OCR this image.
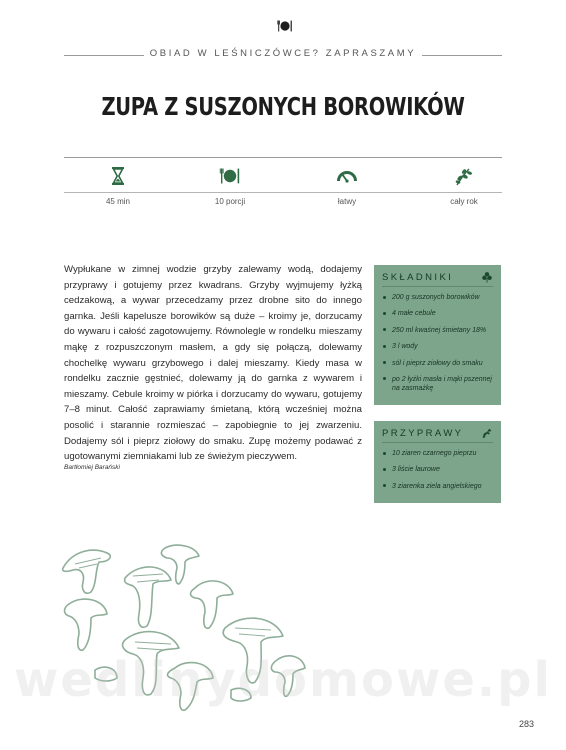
OBIAD W LEŚNICZÓWCE? ZAPRASZAMY
ZUPA Z SUSZONYCH BOROWIKÓW
45 min	10 porcji	łatwy	cały rok
Wypłukane w zimnej wodzie grzyby zalewamy wodą, dodajemy przyprawy i gotujemy przez kwadrans. Grzyby wyjmujemy łyżką cedzakową, a wywar przecedzamy przez drobne sito do innego garnka. Jeśli kapelusze borowików są duże – kroimy je, dorzucamy do wywaru i całość zagotowujemy. Równolegle w rondelku mieszamy mąkę z rozpuszczonym masłem, a gdy się połączą, dolewamy chochelkę wywaru grzybowego i dalej mieszamy. Kiedy masa w rondelku zacznie gęstnieć, dolewamy ją do garnka z wywarem i mieszamy. Cebule kroimy w piórka i dorzucamy do wywaru, gotujemy 7–8 minut. Całość zaprawiamy śmietaną, którą wcześniej można posolić i starannie rozmieszać – zapobiegnie to jej zwarzeniu. Dodajemy sól i pieprz ziołowy do smaku. Zupę możemy podawać z ugotowanymi ziemniakami lub ze świeżym pieczywem.
Bartłomiej Barański
SKŁADNIKI
200 g suszonych borowików
4 małe cebule
250 ml kwaśnej śmietany 18%
3 l wody
sól i pieprz ziołowy do smaku
po 2 łyżki masła i mąki pszennej na zasmażkę
PRZYPRAWY
10 ziaren czarnego pieprzu
3 liście laurowe
3 ziarenka ziela angielskiego
wedlinydomowe.pl
283
